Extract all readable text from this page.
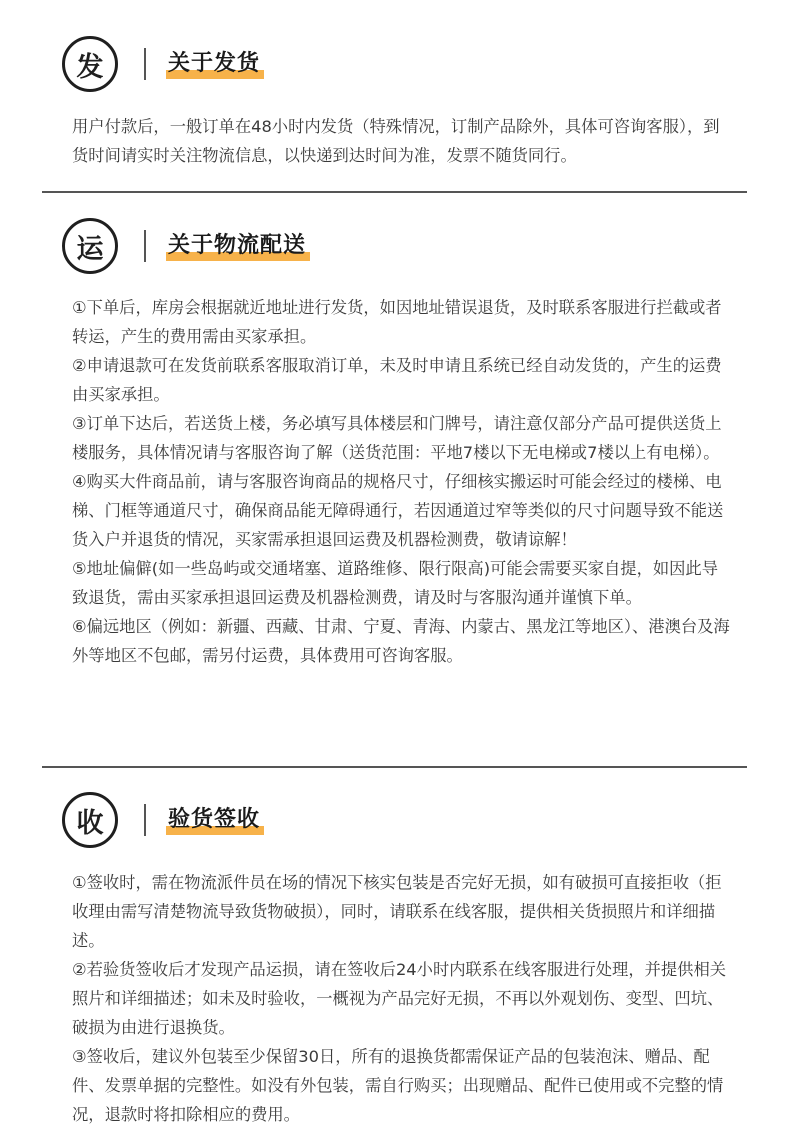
发	关于发货

用户付款后，一般订单在48小时内发货（特殊情况，订制产品除外，具体可咨询客服），到货时间请实时关注物流信息，以快递到达时间为准，发票不随货同行。

运	关于物流配送

①下单后，库房会根据就近地址进行发货，如因地址错误退货，及时联系客服进行拦截或者转运，产生的费用需由买家承担。

②申请退款可在发货前联系客服取消订单，未及时申请且系统已经自动发货的，产生的运费由买家承担。

③订单下达后，若送货上楼，务必填写具体楼层和门牌号，请注意仅部分产品可提供送货上楼服务，具体情况请与客服咨询了解（送货范围：平地7楼以下无电梯或7楼以上有电梯）。

④购买大件商品前，请与客服咨询商品的规格尺寸，仔细核实搬运时可能会经过的楼梯、电梯、门框等通道尺寸，确保商品能无障碍通行，若因通道过窄等类似的尺寸问题导致不能送货入户并退货的情况，买家需承担退回运费及机器检测费，敬请谅解！

⑤地址偏僻(如一些岛屿或交通堵塞、道路维修、限行限高)可能会需要买家自提，如因此导致退货，需由买家承担退回运费及机器检测费，请及时与客服沟通并谨慎下单。

⑥偏远地区（例如：新疆、西藏、甘肃、宁夏、青海、内蒙古、黑龙江等地区）、港澳台及海外等地区不包邮，需另付运费，具体费用可咨询客服。

收	验货签收

①签收时，需在物流派件员在场的情况下核实包装是否完好无损，如有破损可直接拒收（拒收理由需写清楚物流导致货物破损），同时，请联系在线客服，提供相关货损照片和详细描述。

②若验货签收后才发现产品运损，请在签收后24小时内联系在线客服进行处理，并提供相关照片和详细描述；如未及时验收，一概视为产品完好无损，不再以外观划伤、变型、凹坑、破损为由进行退换货。

③签收后，建议外包装至少保留30日，所有的退换货都需保证产品的包装泡沫、赠品、配件、发票单据的完整性。如没有外包装，需自行购买；出现赠品、配件已使用或不完整的情况，退款时将扣除相应的费用。
